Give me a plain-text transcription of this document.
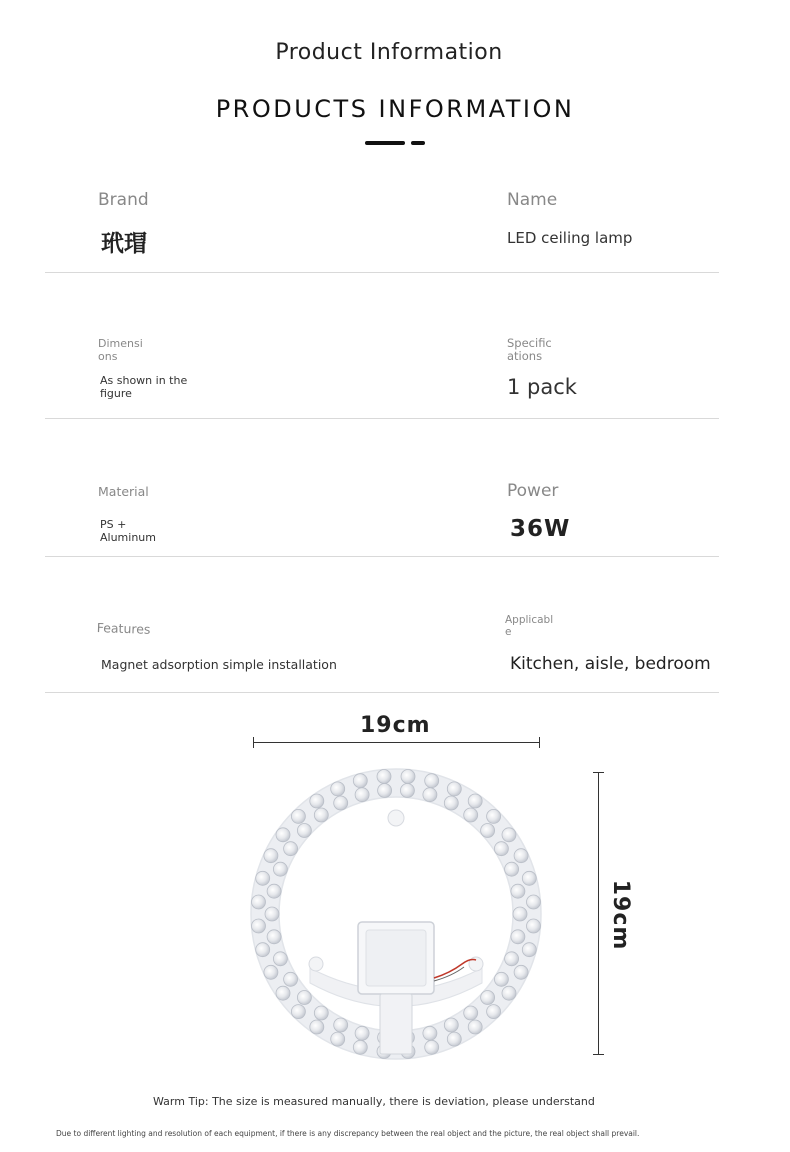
Product Information
PRODUCTS INFORMATION
Brand
玳瑁
Name
LED ceiling lamp
Dimensi
ons
As shown in the
figure
Specific
ations
1 pack
Material
PS +
Aluminum
Power
36W
Features
Magnet adsorption simple installation
Applicabl
e
Kitchen, aisle, bedroom
19cm
19cm
Warm Tip: The size is measured manually, there is deviation, please understand
Due to different lighting and resolution of each equipment, if there is any discrepancy between the real object and the picture, the real object shall prevail.
